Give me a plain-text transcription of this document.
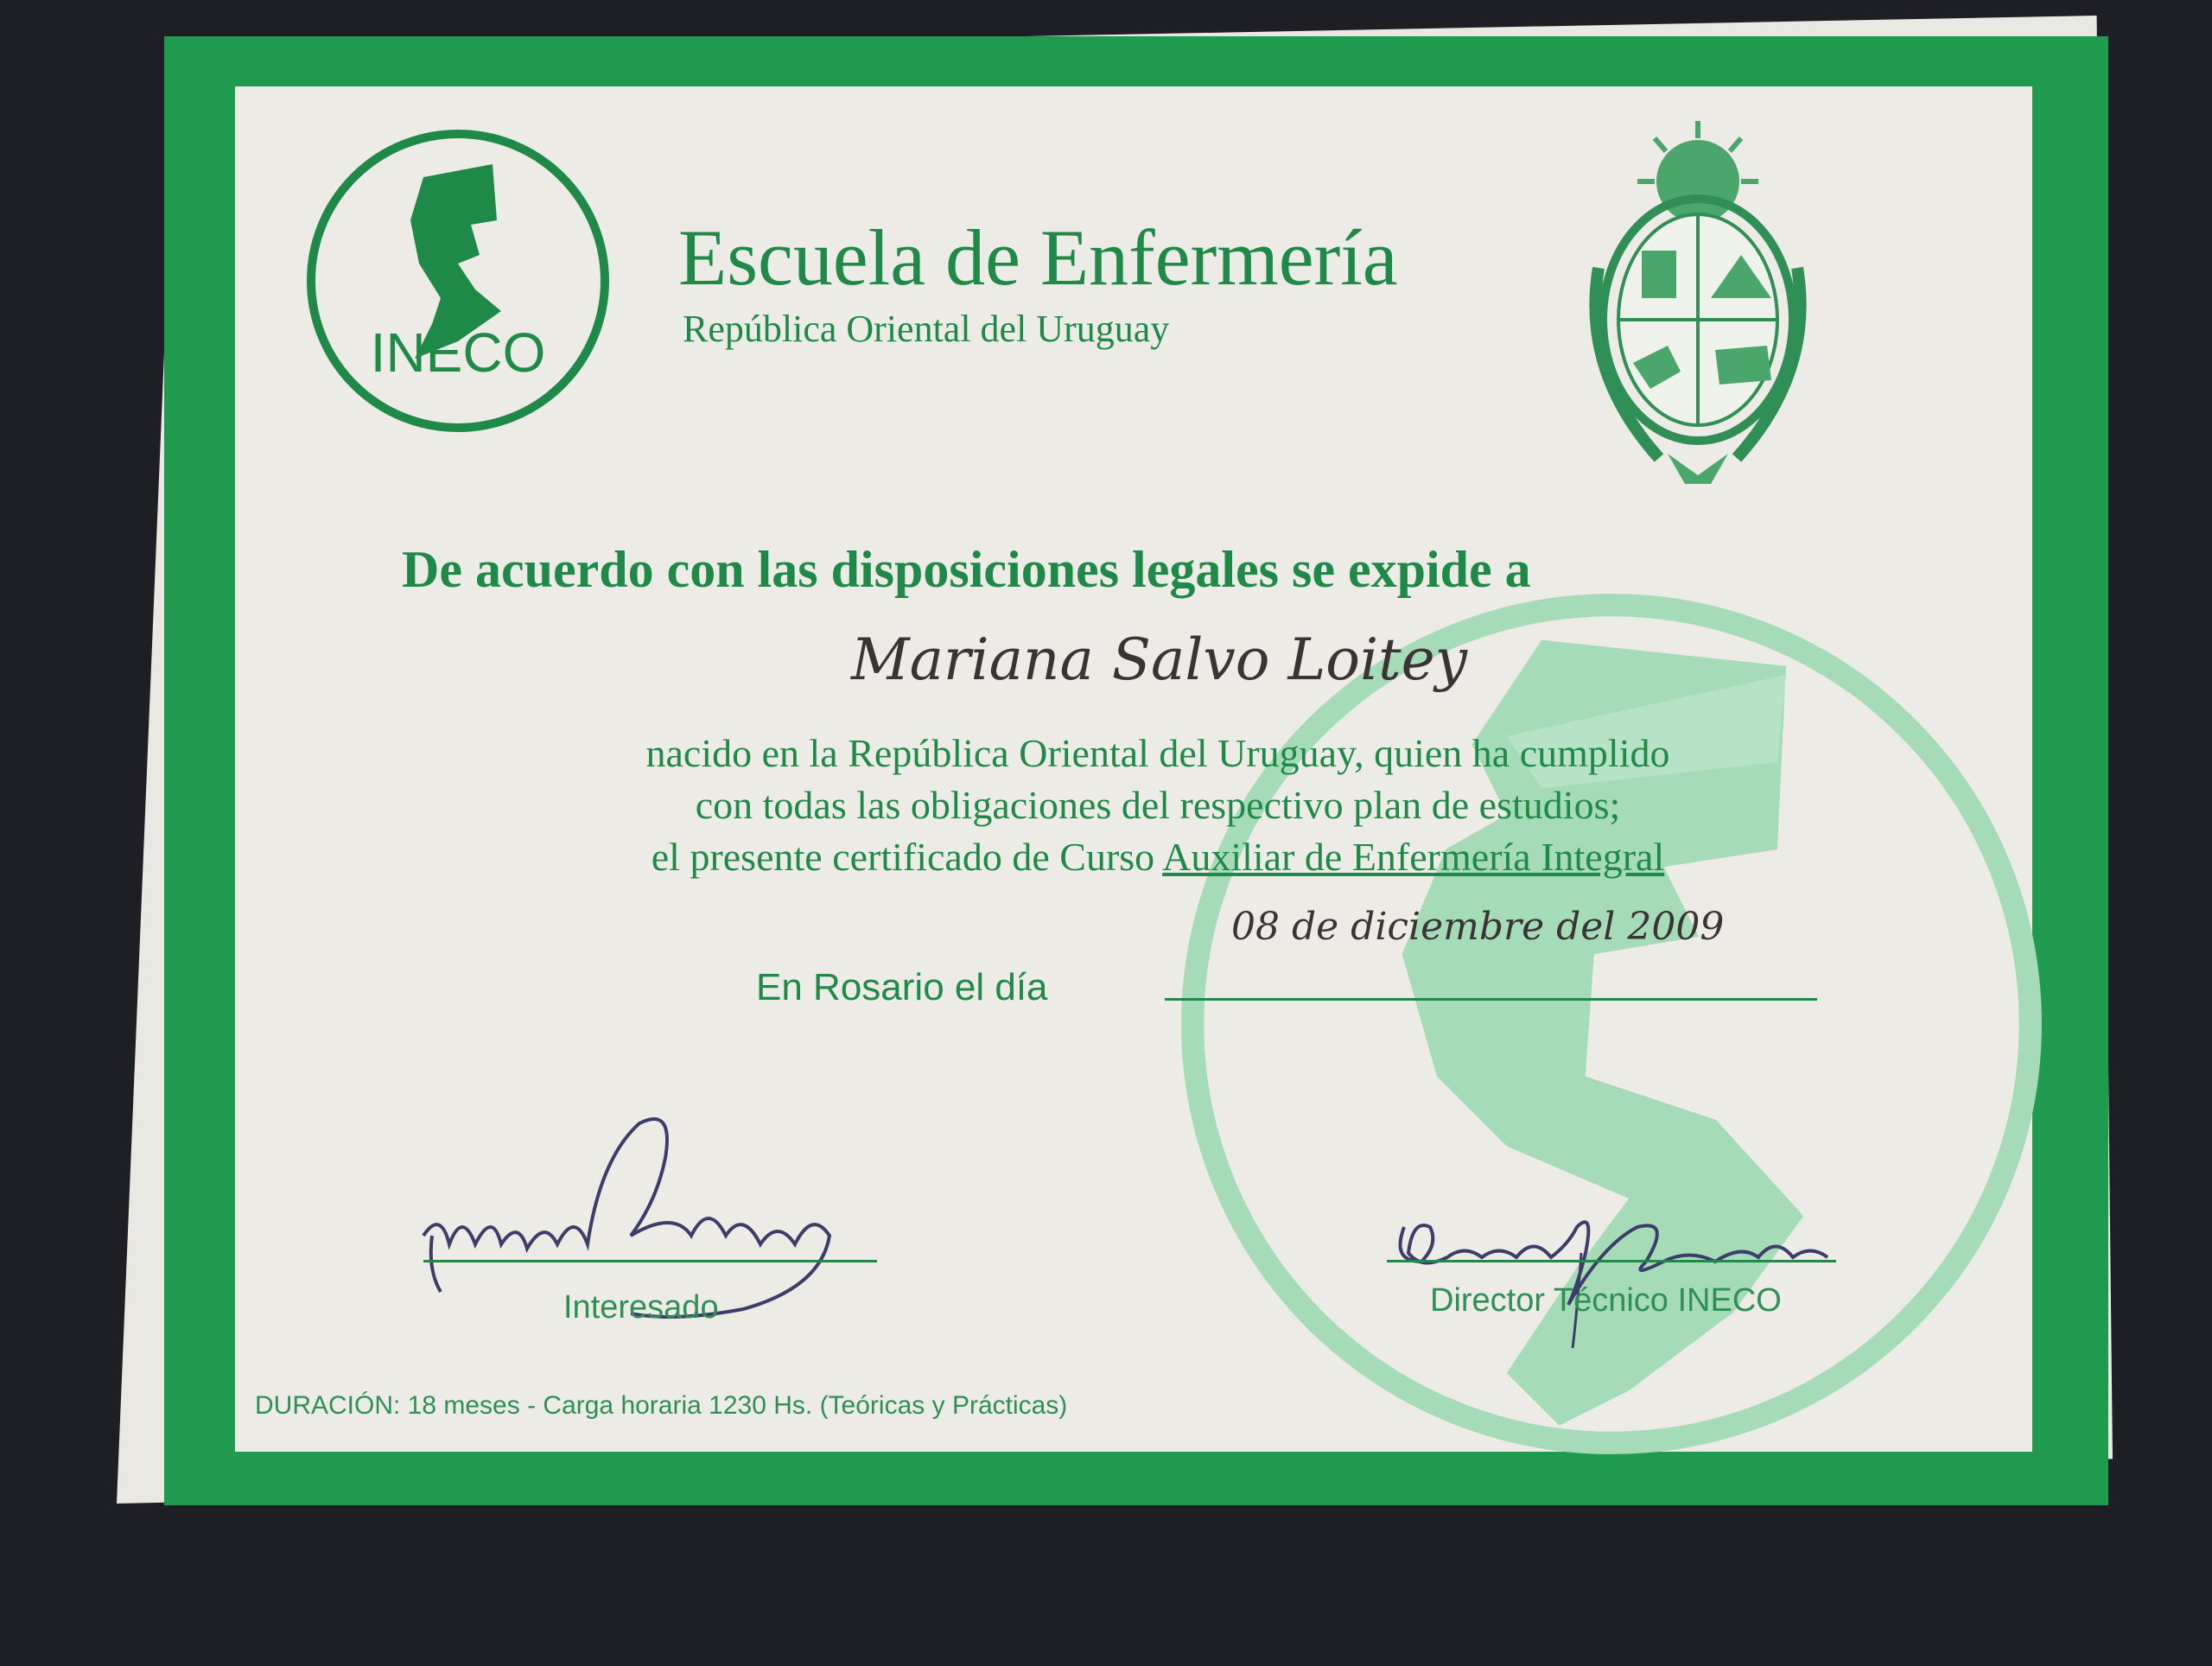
INECO
Escuela de Enfermería
República Oriental del Uruguay
De acuerdo con las disposiciones legales se expide a
Mariana Salvo Loitey
nacido en la República Oriental del Uruguay, quien ha cumplido
con todas las obligaciones del respectivo plan de estudios;
el presente certificado de Curso Auxiliar de Enfermería Integral
08 de diciembre del 2009
En Rosario el día
Interesado	Director Técnico INECO
DURACIÓN: 18 meses - Carga horaria 1230 Hs. (Teóricas y Prácticas)
